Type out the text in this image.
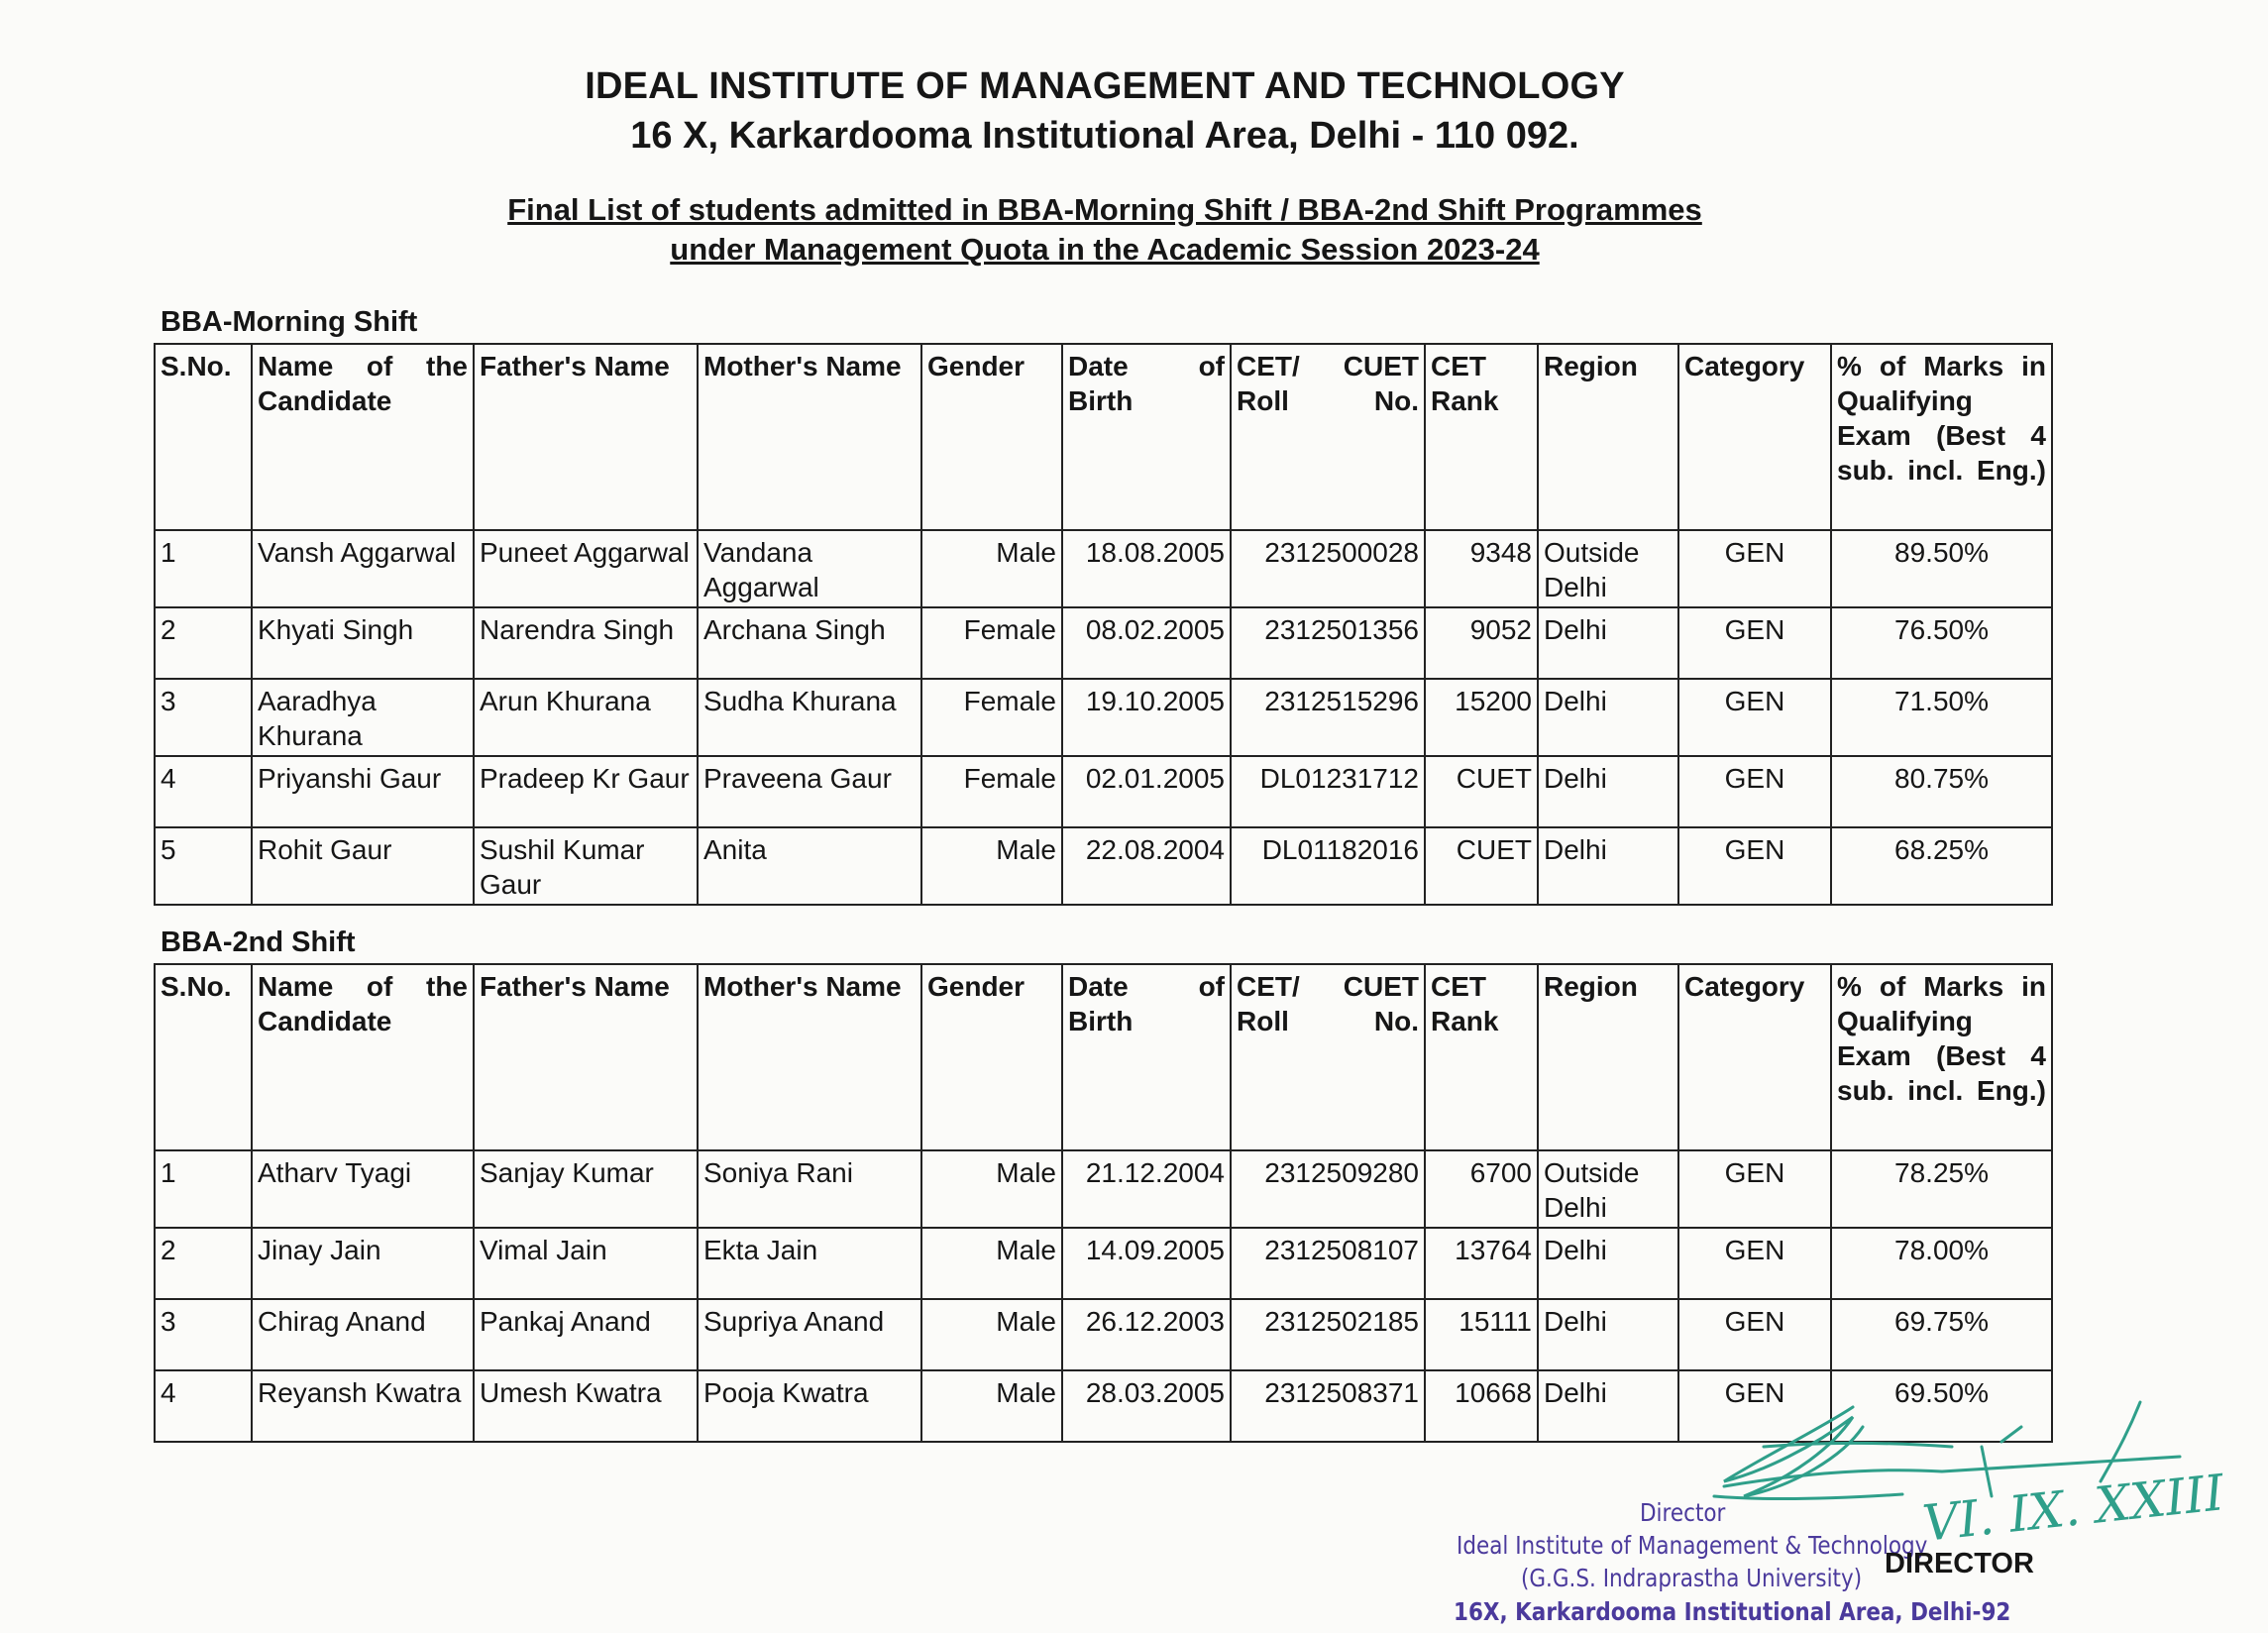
IDEAL INSTITUTE OF MANAGEMENT AND TECHNOLOGY
16 X, Karkardooma Institutional Area, Delhi - 110 092.
Final List of students admitted in BBA-Morning Shift / BBA-2nd Shift Programmes
under Management Quota in the Academic Session 2023-24
BBA-Morning Shift
S.No.	Name of the Candidate	Father's Name	Mother's Name	Gender	Date of Birth	CET/ CUET Roll No.	CET Rank	Region	Category	% of Marks in Qualifying Exam (Best 4 sub. incl. Eng.)
1	Vansh Aggarwal	Puneet Aggarwal	Vandana Aggarwal	Male	18.08.2005	2312500028	9348	Outside Delhi	GEN	89.50%
2	Khyati Singh	Narendra Singh	Archana Singh	Female	08.02.2005	2312501356	9052	Delhi	GEN	76.50%
3	Aaradhya Khurana	Arun Khurana	Sudha Khurana	Female	19.10.2005	2312515296	15200	Delhi	GEN	71.50%
4	Priyanshi Gaur	Pradeep Kr Gaur	Praveena Gaur	Female	02.01.2005	DL01231712	CUET	Delhi	GEN	80.75%
5	Rohit Gaur	Sushil Kumar Gaur	Anita	Male	22.08.2004	DL01182016	CUET	Delhi	GEN	68.25%
BBA-2nd Shift
S.No.	Name of the Candidate	Father's Name	Mother's Name	Gender	Date of Birth	CET/ CUET Roll No.	CET Rank	Region	Category	% of Marks in Qualifying Exam (Best 4 sub. incl. Eng.)
1	Atharv Tyagi	Sanjay Kumar	Soniya Rani	Male	21.12.2004	2312509280	6700	Outside Delhi	GEN	78.25%
2	Jinay Jain	Vimal Jain	Ekta Jain	Male	14.09.2005	2312508107	13764	Delhi	GEN	78.00%
3	Chirag Anand	Pankaj Anand	Supriya Anand	Male	26.12.2003	2312502185	15111	Delhi	GEN	69.75%
4	Reyansh Kwatra	Umesh Kwatra	Pooja Kwatra	Male	28.03.2005	2312508371	10668	Delhi	GEN	69.50%
VI. IX. XXIII
Director
Ideal Institute of Management & Technology
(G.G.S. Indraprastha University)
16X, Karkardooma Institutional Area, Delhi-92
DIRECTOR
